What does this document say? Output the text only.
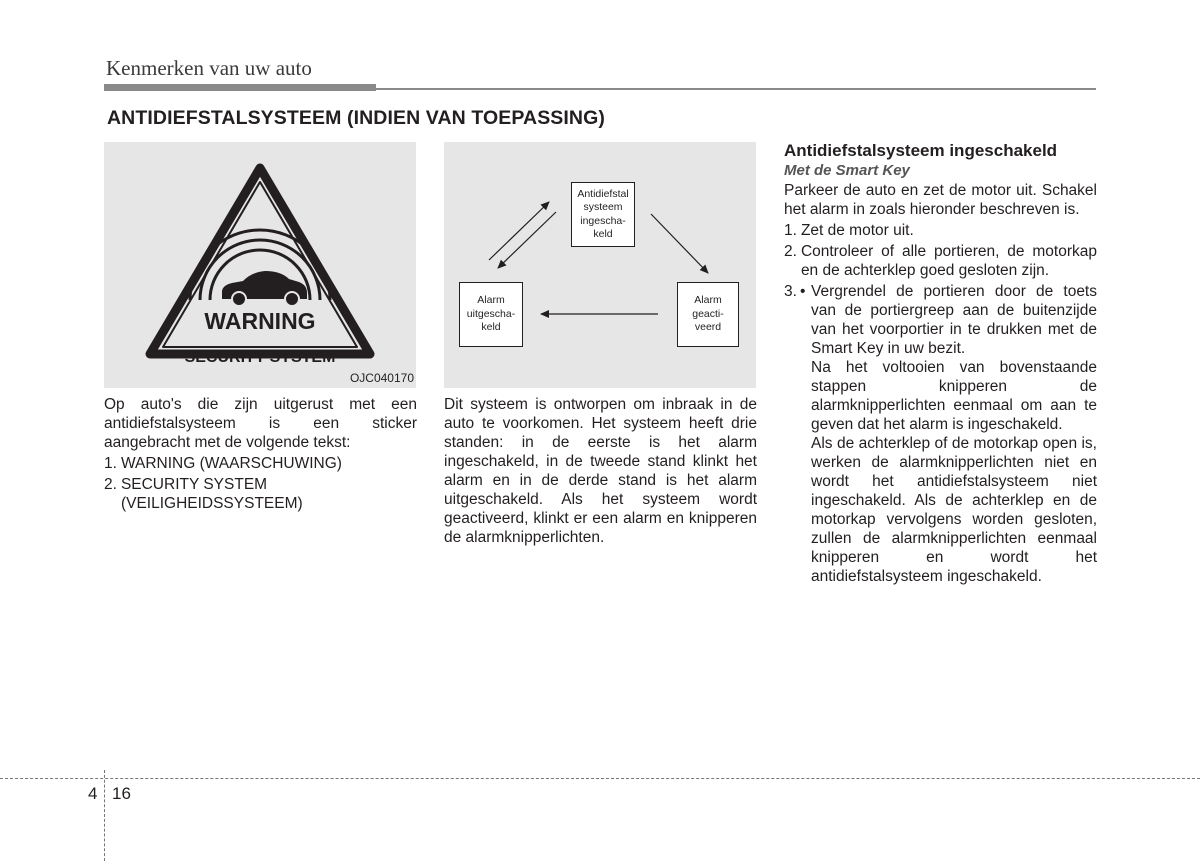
Kenmerken van uw auto
ANTIDIEFSTALSYSTEEM (INDIEN VAN TOEPASSING)
WARNING
SECURITY SYSTEM
OJC040170
Antidiefstal
systeem
ingescha-
keld
Alarm
uitgescha-
keld
Alarm
geacti-
veerd

Op auto's die zijn uitgerust met een antidiefstalsysteem is een sticker aangebracht met de volgende tekst:

1. WARNING (WAARSCHUWING)
2. SECURITY SYSTEM
(VEILIGHEIDSSYSTEEM)

Dit systeem is ontworpen om inbraak in de auto te voorkomen. Het systeem heeft drie standen: in de eerste is het alarm ingeschakeld, in de tweede stand klinkt het alarm en in de derde stand is het alarm uitgeschakeld. Als het systeem wordt geactiveerd, klinkt er een alarm en knipperen de alarmknipperlichten.

Antidiefstalsysteem ingeschakeld
Met de Smart Key

Parkeer de auto en zet de motor uit. Schakel het alarm in zoals hieronder beschreven is.

1. Zet de motor uit.
2. Controleer of alle portieren, de motorkap en de achterklep goed gesloten zijn.
3. • Vergrendel de portieren door de toets van de portiergreep aan de buitenzijde van het voorportier in te drukken met de Smart Key in uw bezit.

Na het voltooien van bovenstaande stappen knipperen de alarmknipperlichten eenmaal om aan te geven dat het alarm is ingeschakeld.

Als de achterklep of de motorkap open is, werken de alarmknipperlichten niet en wordt het antidiefstalsysteem niet ingeschakeld. Als de achterklep en de motorkap vervolgens worden gesloten, zullen de alarmknipperlichten eenmaal knipperen en wordt het antidiefstalsysteem ingeschakeld.

4 16
